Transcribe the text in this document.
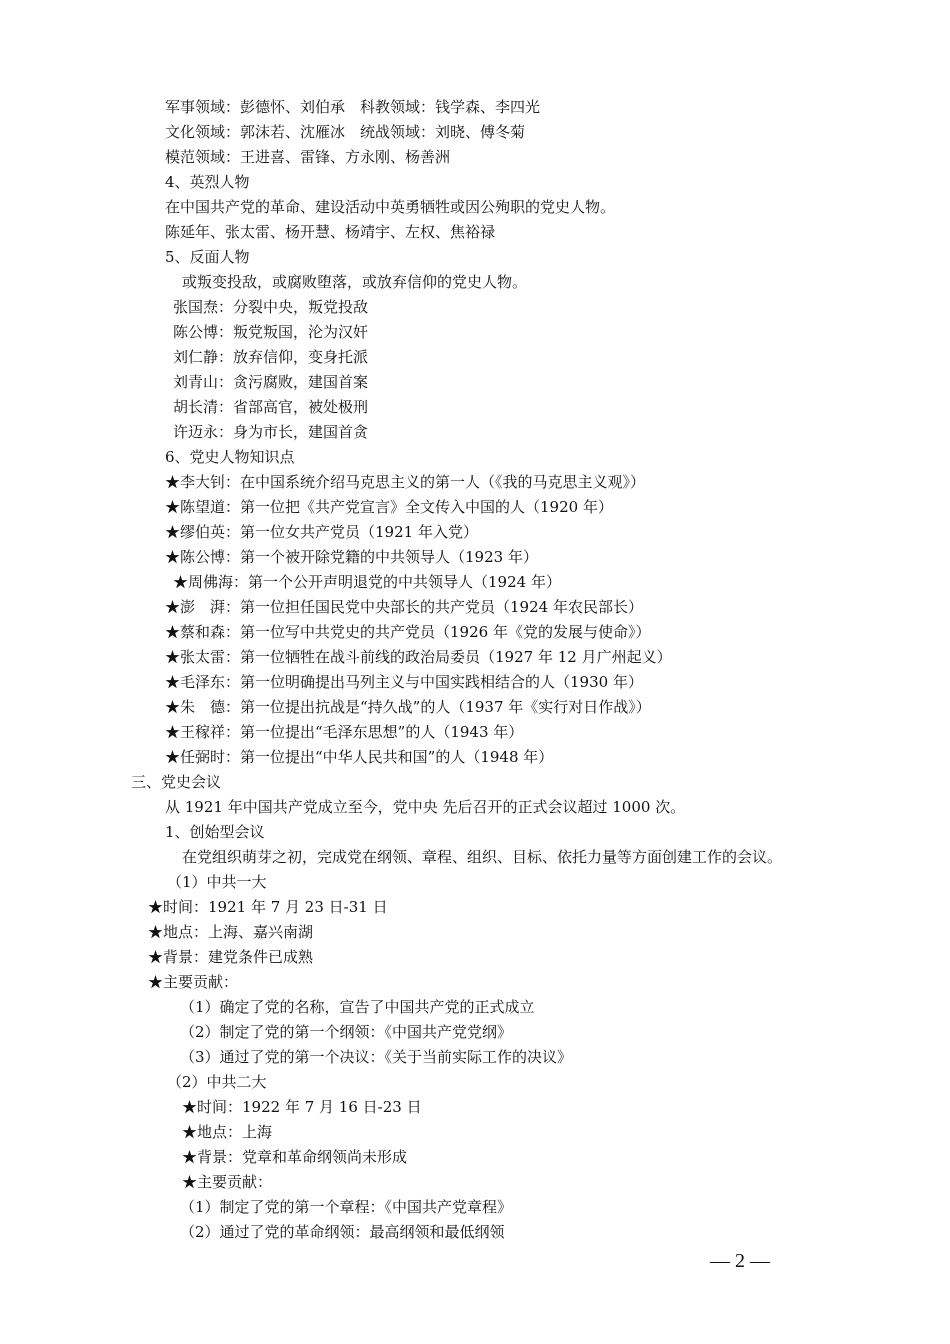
军事领域：彭德怀、刘伯承　科教领域：钱学森、李四光
文化领域：郭沫若、沈雁冰　统战领域：刘晓、傅冬菊
模范领域：王进喜、雷锋、方永刚、杨善洲
4、英烈人物
在中国共产党的革命、建设活动中英勇牺牲或因公殉职的党史人物。
陈延年、张太雷、杨开慧、杨靖宇、左权、焦裕禄
5、反面人物
或叛变投敌，或腐败堕落，或放弃信仰的党史人物。
张国焘：分裂中央，叛党投敌
陈公博：叛党叛国，沦为汉奸
刘仁静：放弃信仰，变身托派
刘青山：贪污腐败，建国首案
胡长清：省部高官，被处极刑
许迈永：身为市长，建国首贪
6、党史人物知识点
★李大钊：在中国系统介绍马克思主义的第一人（《我的马克思主义观》）
★陈望道：第一位把《共产党宣言》全文传入中国的人（1920 年）
★缪伯英：第一位女共产党员（1921 年入党）
★陈公博：第一个被开除党籍的中共领导人（1923 年）
★周佛海：第一个公开声明退党的中共领导人（1924 年）
★澎　湃：第一位担任国民党中央部长的共产党员（1924 年农民部长）
★蔡和森：第一位写中共党史的共产党员（1926 年《党的发展与使命》）
★张太雷：第一位牺牲在战斗前线的政治局委员（1927 年 12 月广州起义）
★毛泽东：第一位明确提出马列主义与中国实践相结合的人（1930 年）
★朱　德：第一位提出抗战是“持久战”的人（1937 年《实行对日作战》）
★王稼祥：第一位提出“毛泽东思想”的人（1943 年）
★任弼时：第一位提出“中华人民共和国”的人（1948 年）
三、党史会议
从 1921 年中国共产党成立至今，党中央 先后召开的正式会议超过 1000 次。
1、创始型会议
在党组织萌芽之初，完成党在纲领、章程、组织、目标、依托力量等方面创建工作的会议。
（1）中共一大
★时间：1921 年 7 月 23 日-31 日
★地点：上海、嘉兴南湖
★背景：建党条件已成熟
★主要贡献：
（1）确定了党的名称，宣告了中国共产党的正式成立
（2）制定了党的第一个纲领：《中国共产党党纲》
（3）通过了党的第一个决议：《关于当前实际工作的决议》
（2）中共二大
★时间：1922 年 7 月 16 日-23 日
★地点：上海
★背景：党章和革命纲领尚未形成
★主要贡献：
（1）制定了党的第一个章程：《中国共产党章程》
（2）通过了党的革命纲领：最高纲领和最低纲领
— 2 —
